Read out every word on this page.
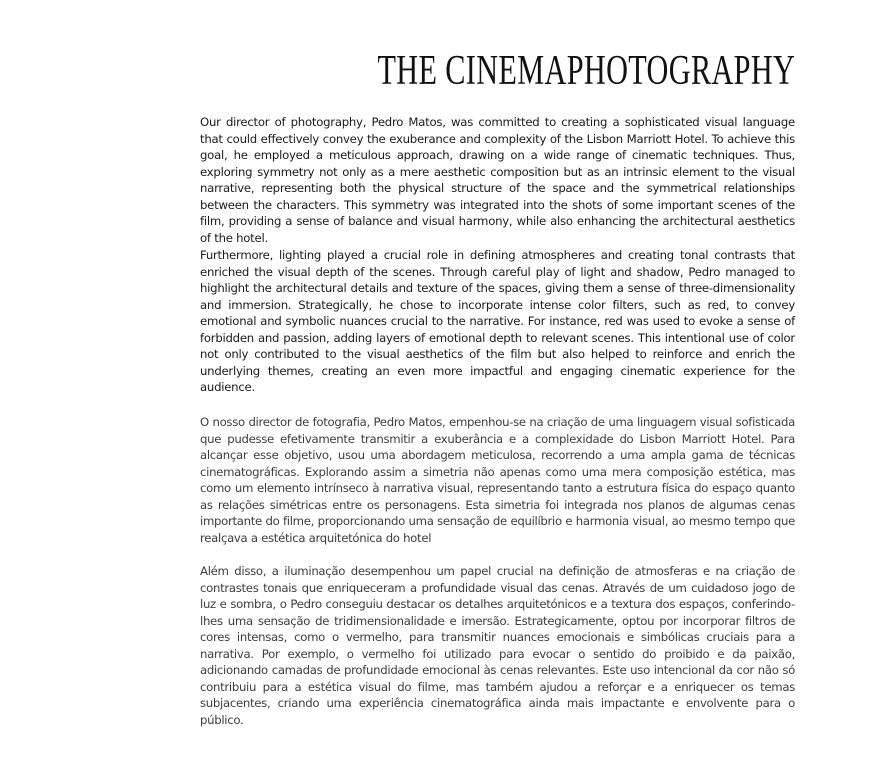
THE CINEMAPHOTOGRAPHY

Our director of photography, Pedro Matos, was committed to creating a sophisticated visual language that could effectively convey the exuberance and complexity of the Lisbon Marriott Hotel. To achieve this goal, he employed a meticulous approach, drawing on a wide range of cinematic techniques. Thus, exploring symmetry not only as a mere aesthetic composition but as an intrinsic element to the visual narrative, representing both the physical structure of the space and the symmetrical relationships between the characters. This symmetry was integrated into the shots of some important scenes of the film, providing a sense of balance and visual harmony, while also enhancing the architectural aesthetics of the hotel.

Furthermore, lighting played a crucial role in defining atmospheres and creating tonal contrasts that enriched the visual depth of the scenes. Through careful play of light and shadow, Pedro managed to highlight the architectural details and texture of the spaces, giving them a sense of three-dimensionality and immersion. Strategically, he chose to incorporate intense color filters, such as red, to convey emotional and symbolic nuances crucial to the narrative. For instance, red was used to evoke a sense of forbidden and passion, adding layers of emotional depth to relevant scenes. This intentional use of color not only contributed to the visual aesthetics of the film but also helped to reinforce and enrich the underlying themes, creating an even more impactful and engaging cinematic experience for the audience.

O nosso director de fotografia, Pedro Matos, empenhou-se na criação de uma linguagem visual sofisticada que pudesse efetivamente transmitir a exuberância e a complexidade do Lisbon Marriott Hotel. Para alcançar esse objetivo, usou uma abordagem meticulosa, recorrendo a uma ampla gama de técnicas cinematográficas. Explorando assim a simetria não apenas como uma mera composição estética, mas como um elemento intrínseco à narrativa visual, representando tanto a estrutura física do espaço quanto as relações simétricas entre os personagens. Esta simetria foi integrada nos planos de algumas cenas importante do filme, proporcionando uma sensação de equilíbrio e harmonia visual, ao mesmo tempo que realçava a estética arquitetónica do hotel

Além disso, a iluminação desempenhou um papel crucial na definição de atmosferas e na criação de contrastes tonais que enriqueceram a profundidade visual das cenas. Através de um cuidadoso jogo de luz e sombra, o Pedro conseguiu destacar os detalhes arquitetónicos e a textura dos espaços, conferindo-lhes uma sensação de tridimensionalidade e imersão. Estrategicamente, optou por incorporar filtros de cores intensas, como o vermelho, para transmitir nuances emocionais e simbólicas cruciais para a narrativa. Por exemplo, o vermelho foi utilizado para evocar o sentido do proibido e da paixão, adicionando camadas de profundidade emocional às cenas relevantes. Este uso intencional da cor não só contribuiu para a estética visual do filme, mas também ajudou a reforçar e a enriquecer os temas subjacentes, criando uma experiência cinematográfica ainda mais impactante e envolvente para o público.
